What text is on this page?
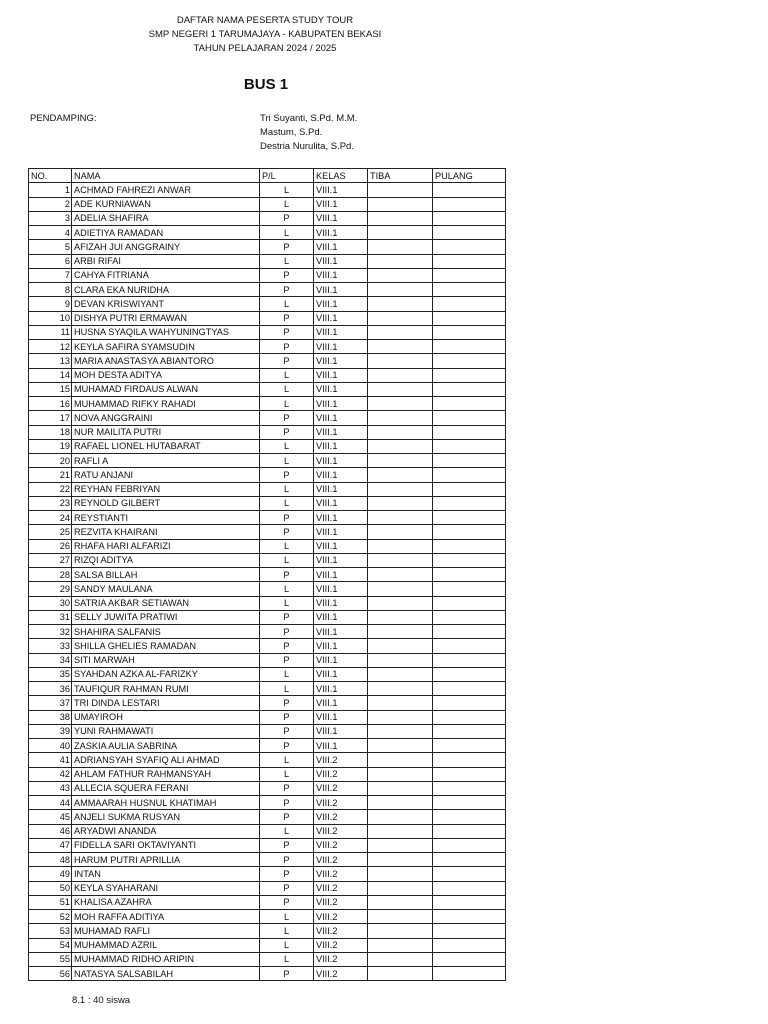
DAFTAR NAMA PESERTA STUDY TOUR
SMP NEGERI 1 TARUMAJAYA - KABUPATEN BEKASI
TAHUN PELAJARAN 2024 / 2025
BUS 1
PENDAMPING:	Tri Suyanti, S.Pd. M.M.
Mastum, S.Pd.
Destria Nurulita, S.Pd.
NO.	NAMA	P/L	KELAS	TIBA	PULANG
1	ACHMAD FAHREZI ANWAR	L	VIII.1		
2	ADE KURNIAWAN	L	VIII.1		
3	ADELIA SHAFIRA	P	VIII.1		
4	ADIETIYA RAMADAN	L	VIII.1		
5	AFIZAH JUI ANGGRAINY	P	VIII.1		
6	ARBI RIFAI	L	VIII.1		
7	CAHYA FITRIANA	P	VIII.1		
8	CLARA EKA NURIDHA	P	VIII.1		
9	DEVAN KRISWIYANT	L	VIII.1		
10	DISHYA PUTRI ERMAWAN	P	VIII.1		
11	HUSNA SYAQILA WAHYUNINGTYAS	P	VIII.1		
12	KEYLA SAFIRA SYAMSUDIN	P	VIII.1		
13	MARIA ANASTASYA ABIANTORO	P	VIII.1		
14	MOH DESTA ADITYA	L	VIII.1		
15	MUHAMAD FIRDAUS ALWAN	L	VIII.1		
16	MUHAMMAD RIFKY RAHADI	L	VIII.1		
17	NOVA ANGGRAINI	P	VIII.1		
18	NUR MAILITA PUTRI	P	VIII.1		
19	RAFAEL LIONEL HUTABARAT	L	VIII.1		
20	RAFLI A	L	VIII.1		
21	RATU ANJANI	P	VIII.1		
22	REYHAN FEBRIYAN	L	VIII.1		
23	REYNOLD GILBERT	L	VIII.1		
24	REYSTIANTI	P	VIII.1		
25	REZVITA KHAIRANI	P	VIII.1		
26	RHAFA HARI ALFARIZI	L	VIII.1		
27	RIZQI ADITYA	L	VIII.1		
28	SALSA BILLAH	P	VIII.1		
29	SANDY MAULANA	L	VIII.1		
30	SATRIA AKBAR SETIAWAN	L	VIII.1		
31	SELLY JUWITA PRATIWI	P	VIII.1		
32	SHAHIRA SALFANIS	P	VIII.1		
33	SHILLA GHELIES RAMADAN	P	VIII.1		
34	SITI MARWAH	P	VIII.1		
35	SYAHDAN AZKA AL-FARIZKY	L	VIII.1		
36	TAUFIQUR RAHMAN RUMI	L	VIII.1		
37	TRI DINDA LESTARI	P	VIII.1		
38	UMAYIROH	P	VIII.1		
39	YUNI RAHMAWATI	P	VIII.1		
40	ZASKIA AULIA SABRINA	P	VIII.1		
41	ADRIANSYAH SYAFIQ ALI AHMAD	L	VIII.2		
42	AHLAM FATHUR RAHMANSYAH	L	VIII.2		
43	ALLECIA SQUERA FERANI	P	VIII.2		
44	AMMAARAH HUSNUL KHATIMAH	P	VIII.2		
45	ANJELI SUKMA RUSYAN	P	VIII.2		
46	ARYADWI ANANDA	L	VIII.2		
47	FIDELLA SARI OKTAVIYANTI	P	VIII.2		
48	HARUM PUTRI APRILLIA	P	VIII.2		
49	INTAN	P	VIII.2		
50	KEYLA SYAHARANI	P	VIII.2		
51	KHALISA AZAHRA	P	VIII.2		
52	MOH RAFFA ADITIYA	L	VIII.2		
53	MUHAMAD RAFLI	L	VIII.2		
54	MUHAMMAD AZRIL	L	VIII.2		
55	MUHAMMAD RIDHO ARIPIN	L	VIII.2		
56	NATASYA SALSABILAH	P	VIII.2		
8.1 : 40 siswa
